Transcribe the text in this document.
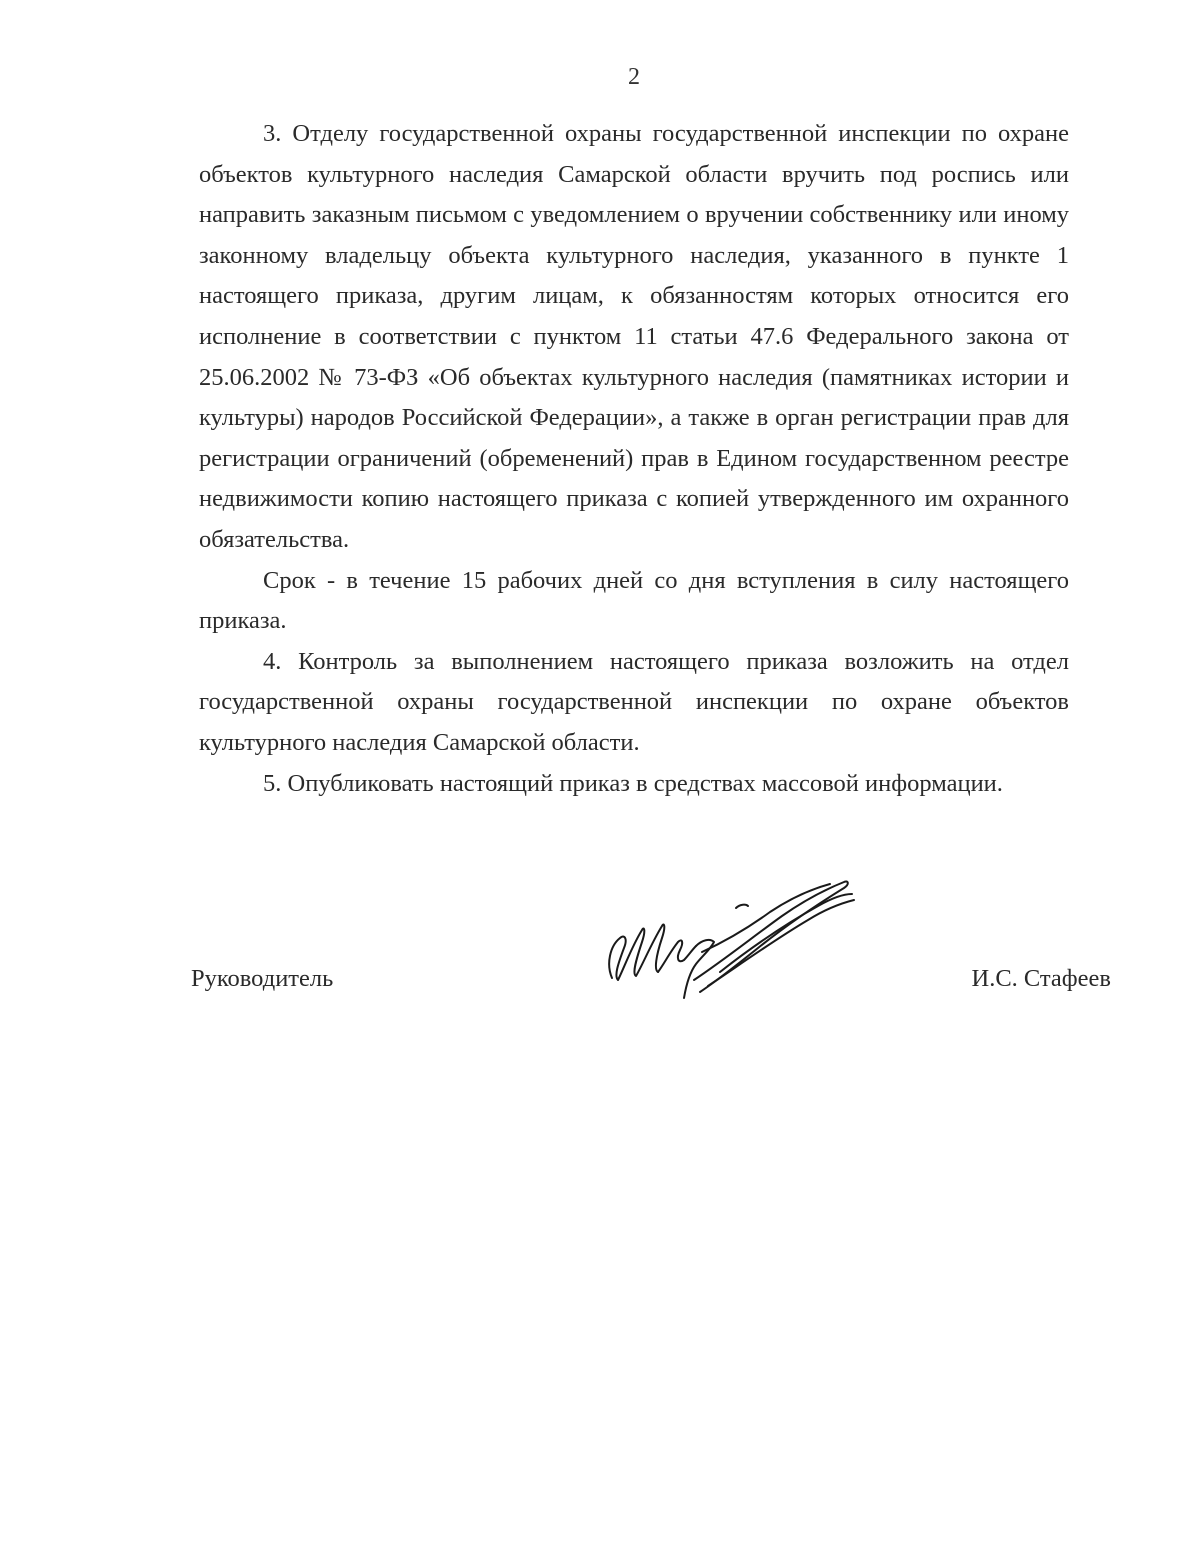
2

3. Отделу государственной охраны государственной инспекции по охране объектов культурного наследия Самарской области вручить под роспись или направить заказным письмом с уведомлением о вручении собственнику или иному законному владельцу объекта культурного наследия, указанного в пункте 1 настоящего приказа, другим лицам, к обязанностям которых относится его исполнение в соответствии с пунктом 11 статьи 47.6 Федерального закона от 25.06.2002 № 73-ФЗ «Об объектах культурного наследия (памятниках истории и культуры) народов Российской Федерации», а также в орган регистрации прав для регистрации ограничений (обременений) прав в Едином государственном реестре недвижимости копию настоящего приказа с копией утвержденного им охранного обязательства.

Срок - в течение 15 рабочих дней со дня вступления в силу настоящего приказа.

4. Контроль за выполнением настоящего приказа возложить на отдел государственной охраны государственной инспекции по охране объектов культурного наследия Самарской области.

5. Опубликовать настоящий приказ в средствах массовой информации.

Руководитель	И.С. Стафеев
